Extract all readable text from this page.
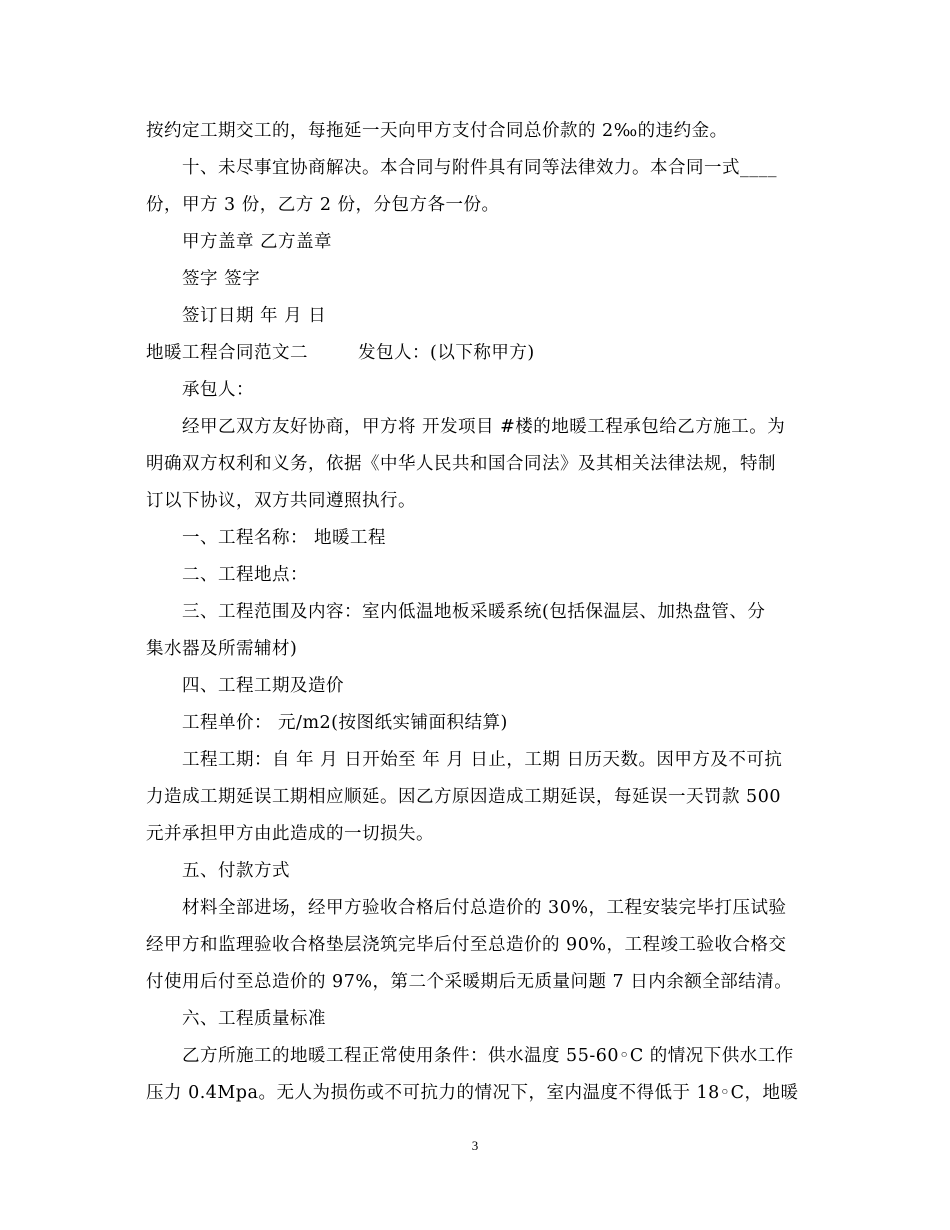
按约定工期交工的，每拖延一天向甲方支付合同总价款的 2‰的违约金。
十、未尽事宜协商解决。本合同与附件具有同等法律效力。本合同一式____
份，甲方 3 份，乙方 2 份，分包方各一份。
甲方盖章 乙方盖章
签字 签字
签订日期 年 月 日
地暖工程合同范文二	发包人：(以下称甲方)
承包人：
经甲乙双方友好协商，甲方将 开发项目 #楼的地暖工程承包给乙方施工。为
明确双方权利和义务，依据《中华人民共和国合同法》及其相关法律法规，特制
订以下协议，双方共同遵照执行。
一、工程名称： 地暖工程
二、工程地点：
三、工程范围及内容：室内低温地板采暖系统(包括保温层、加热盘管、分
集水器及所需辅材)
四、工程工期及造价
工程单价： 元/m2(按图纸实铺面积结算)
工程工期：自 年 月 日开始至 年 月 日止，工期 日历天数。因甲方及不可抗
力造成工期延误工期相应顺延。因乙方原因造成工期延误，每延误一天罚款 500
元并承担甲方由此造成的一切损失。
五、付款方式
材料全部进场，经甲方验收合格后付总造价的 30%，工程安装完毕打压试验
经甲方和监理验收合格垫层浇筑完毕后付至总造价的 90%，工程竣工验收合格交
付使用后付至总造价的 97%，第二个采暖期后无质量问题 7 日内余额全部结清。
六、工程质量标准
乙方所施工的地暖工程正常使用条件：供水温度 55-60◦C 的情况下供水工作
压力 0.4Mpa。无人为损伤或不可抗力的情况下，室内温度不得低于 18◦C，地暖
3
